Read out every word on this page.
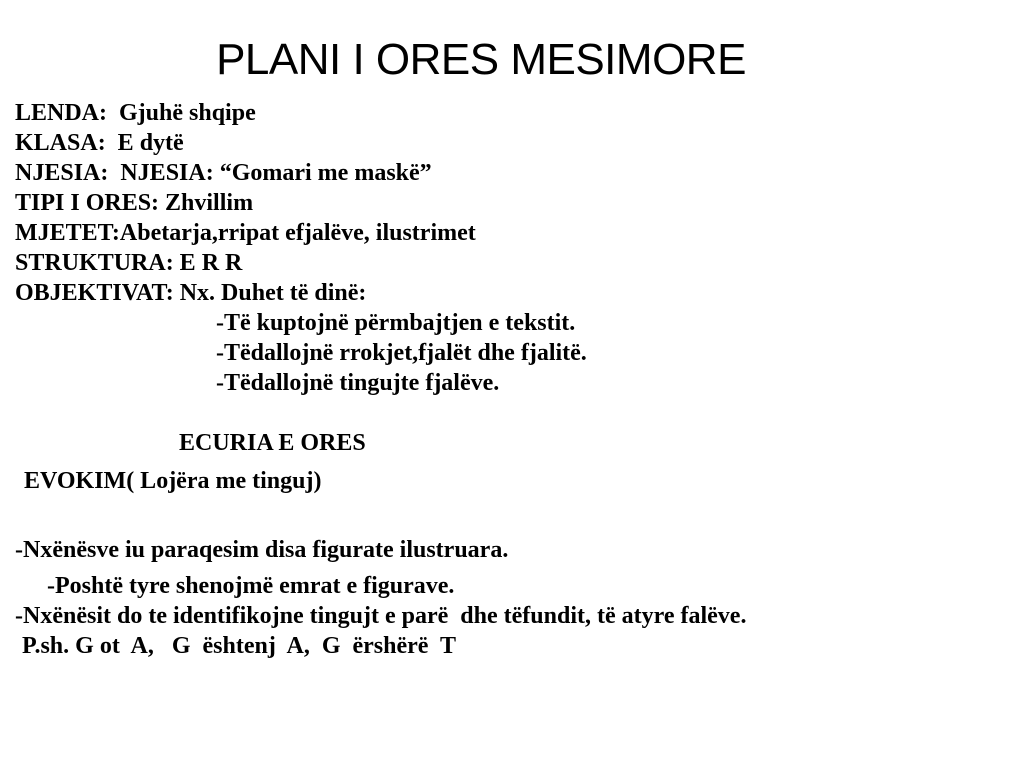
PLANI I ORES MESIMORE
LENDA:  Gjuhë shqipe
KLASA:  E dytë
NJESIA:  NJESIA: “Gomari me maskë”
TIPI I ORES: Zhvillim
MJETET:Abetarja,rripat efjalëve, ilustrimet
STRUKTURA: E R R
OBJEKTIVAT: Nx. Duhet të dinë:
-Të kuptojnë përmbajtjen e tekstit.
-Tëdallojnë rrokjet,fjalët dhe fjalitë.
-Tëdallojnë tingujte fjalëve.
ECURIA E ORES
EVOKIM( Lojëra me tinguj)
-Nxënësve iu paraqesim disa figurate ilustruara.
-Poshtë tyre shenojmë emrat e figurave.
-Nxënësit do te identifikojne tingujt e parë  dhe tëfundit, të atyre falëve.
P.sh. G ot  A,   G  ështenj  A,  G  ërshërë  T
